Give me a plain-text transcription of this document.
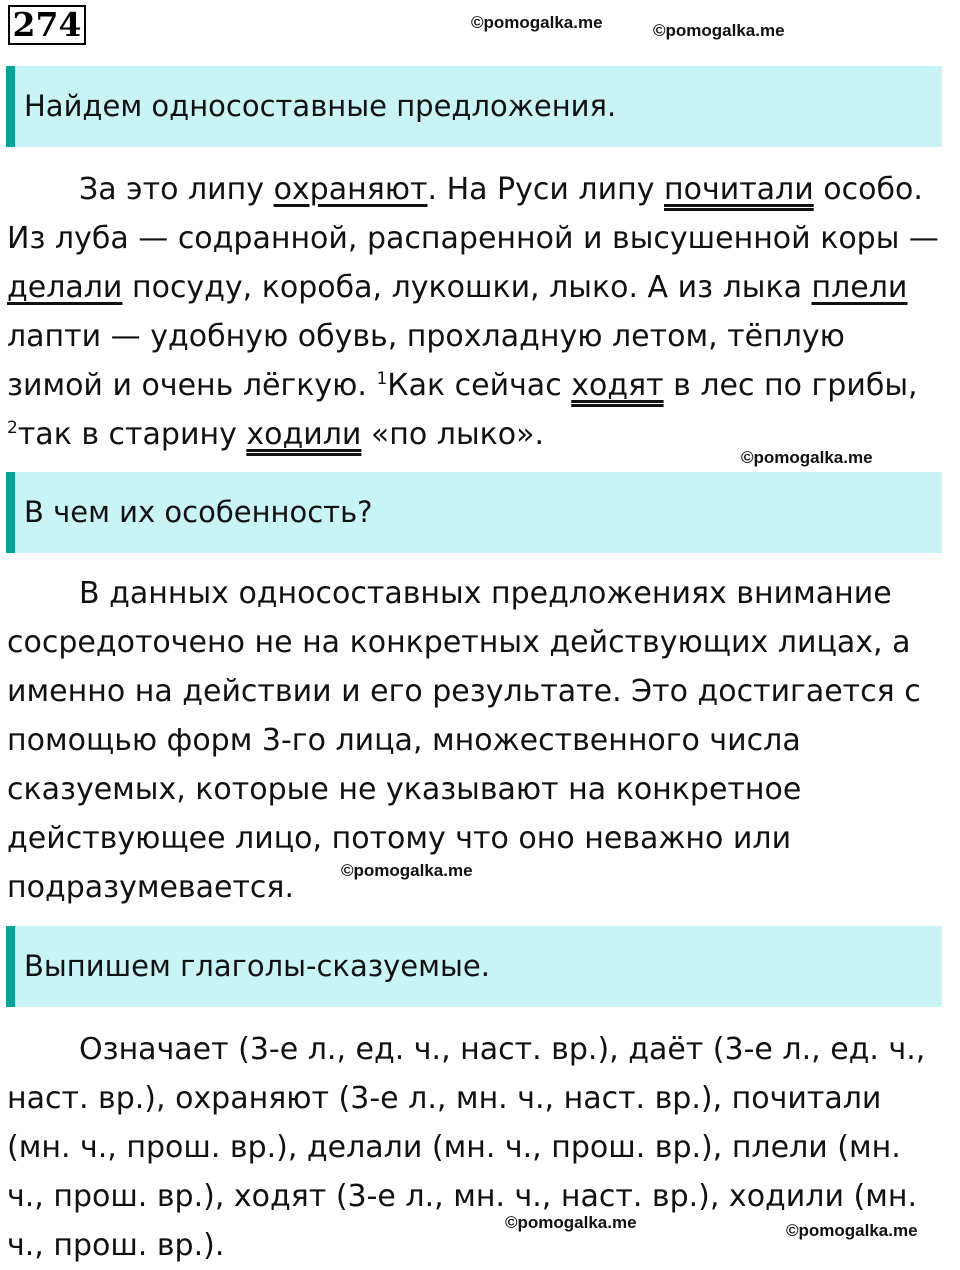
274	©pomogalka.me	©pomogalka.me
Найдем односоставные предложения.

За это липу охраняют. На Руси липу почитали особо. Из луба — содранной, распаренной и высушенной коры — делали посуду, короба, лукошки, лыко. А из лыка плели лапти — удобную обувь, прохладную летом, тёплую зимой и очень лёгкую. $^1$Как сейчас ходят в лес по грибы, $^2$так в старину ходили «по лыко».

©pomogalka.me
В чем их особенность?

В данных односоставных предложениях внимание сосредоточено не на конкретных действующих лицах, а именно на действии и его результате. Это достигается с помощью форм 3-го лица, множественного числа сказуемых, которые не указывают на конкретное действующее лицо, потому что оно неважно или подразумевается.	©pomogalka.me
Выпишем глаголы-сказуемые.

Означает (3-е л., ед. ч., наст. вр.), даёт (3-е л., ед. ч., наст. вр.), охраняют (3-е л., мн. ч., наст. вр.), почитали (мн. ч., прош. вр.), делали (мн. ч., прош. вр.), плели (мн. ч., прош. вр.), ходят (3-е л., мн. ч., наст. вр.), ходили (мн. ч., прош. вр.).

©pomogalka.me	©pomogalka.me
